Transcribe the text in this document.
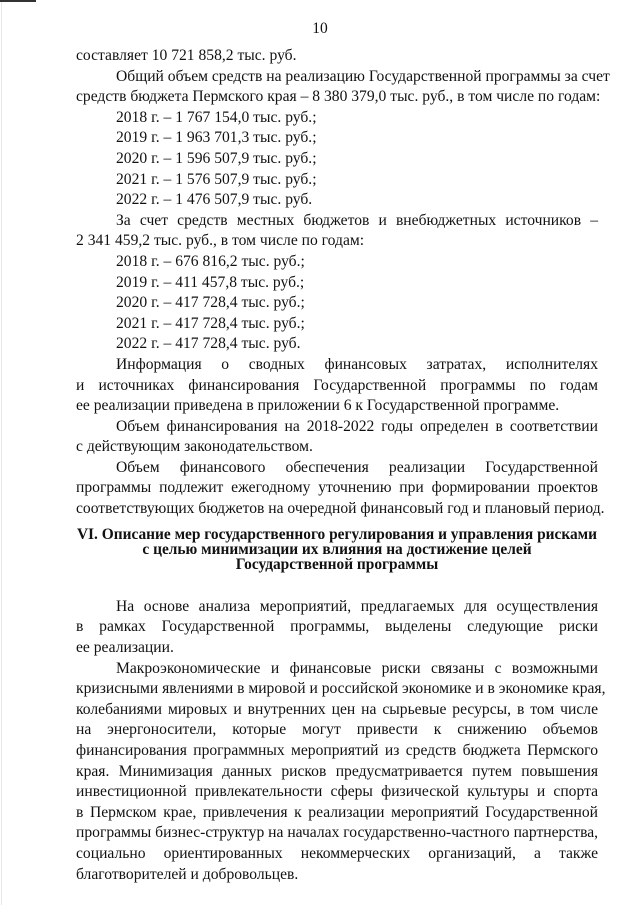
10
составляет 10 721 858,2 тыс. руб.
Общий объем средств на реализацию Государственной программы за счет
средств бюджета Пермского края – 8 380 379,0 тыс. руб., в том числе по годам:
2018 г. – 1 767 154,0 тыс. руб.;
2019 г. – 1 963 701,3 тыс. руб.;
2020 г. – 1 596 507,9 тыс. руб.;
2021 г. – 1 576 507,9 тыс. руб.;
2022 г. – 1 476 507,9 тыс. руб.
За счет средств местных бюджетов и внебюджетных источников –
2 341 459,2 тыс. руб., в том числе по годам:
2018 г. – 676 816,2 тыс. руб.;
2019 г. – 411 457,8 тыс. руб.;
2020 г. – 417 728,4 тыс. руб.;
2021 г. – 417 728,4 тыс. руб.;
2022 г. – 417 728,4 тыс. руб.
Информация о сводных финансовых затратах, исполнителях
и источниках финансирования Государственной программы по годам
ее реализации приведена в приложении 6 к Государственной программе.
Объем финансирования на 2018-2022 годы определен в соответствии
с действующим законодательством.
Объем финансового обеспечения реализации Государственной
программы подлежит ежегодному уточнению при формировании проектов
соответствующих бюджетов на очередной финансовый год и плановый период.
VI. Описание мер государственного регулирования и управления рисками
с целью минимизации их влияния на достижение целей
Государственной программы
На основе анализа мероприятий, предлагаемых для осуществления
в рамках Государственной программы, выделены следующие риски
ее реализации.
Макроэкономические и финансовые риски связаны с возможными
кризисными явлениями в мировой и российской экономике и в экономике края,
колебаниями мировых и внутренних цен на сырьевые ресурсы, в том числе
на энергоносители, которые могут привести к снижению объемов
финансирования программных мероприятий из средств бюджета Пермского
края. Минимизация данных рисков предусматривается путем повышения
инвестиционной привлекательности сферы физической культуры и спорта
в Пермском крае, привлечения к реализации мероприятий Государственной
программы бизнес-структур на началах государственно-частного партнерства,
социально ориентированных некоммерческих организаций, а также
благотворителей и добровольцев.
